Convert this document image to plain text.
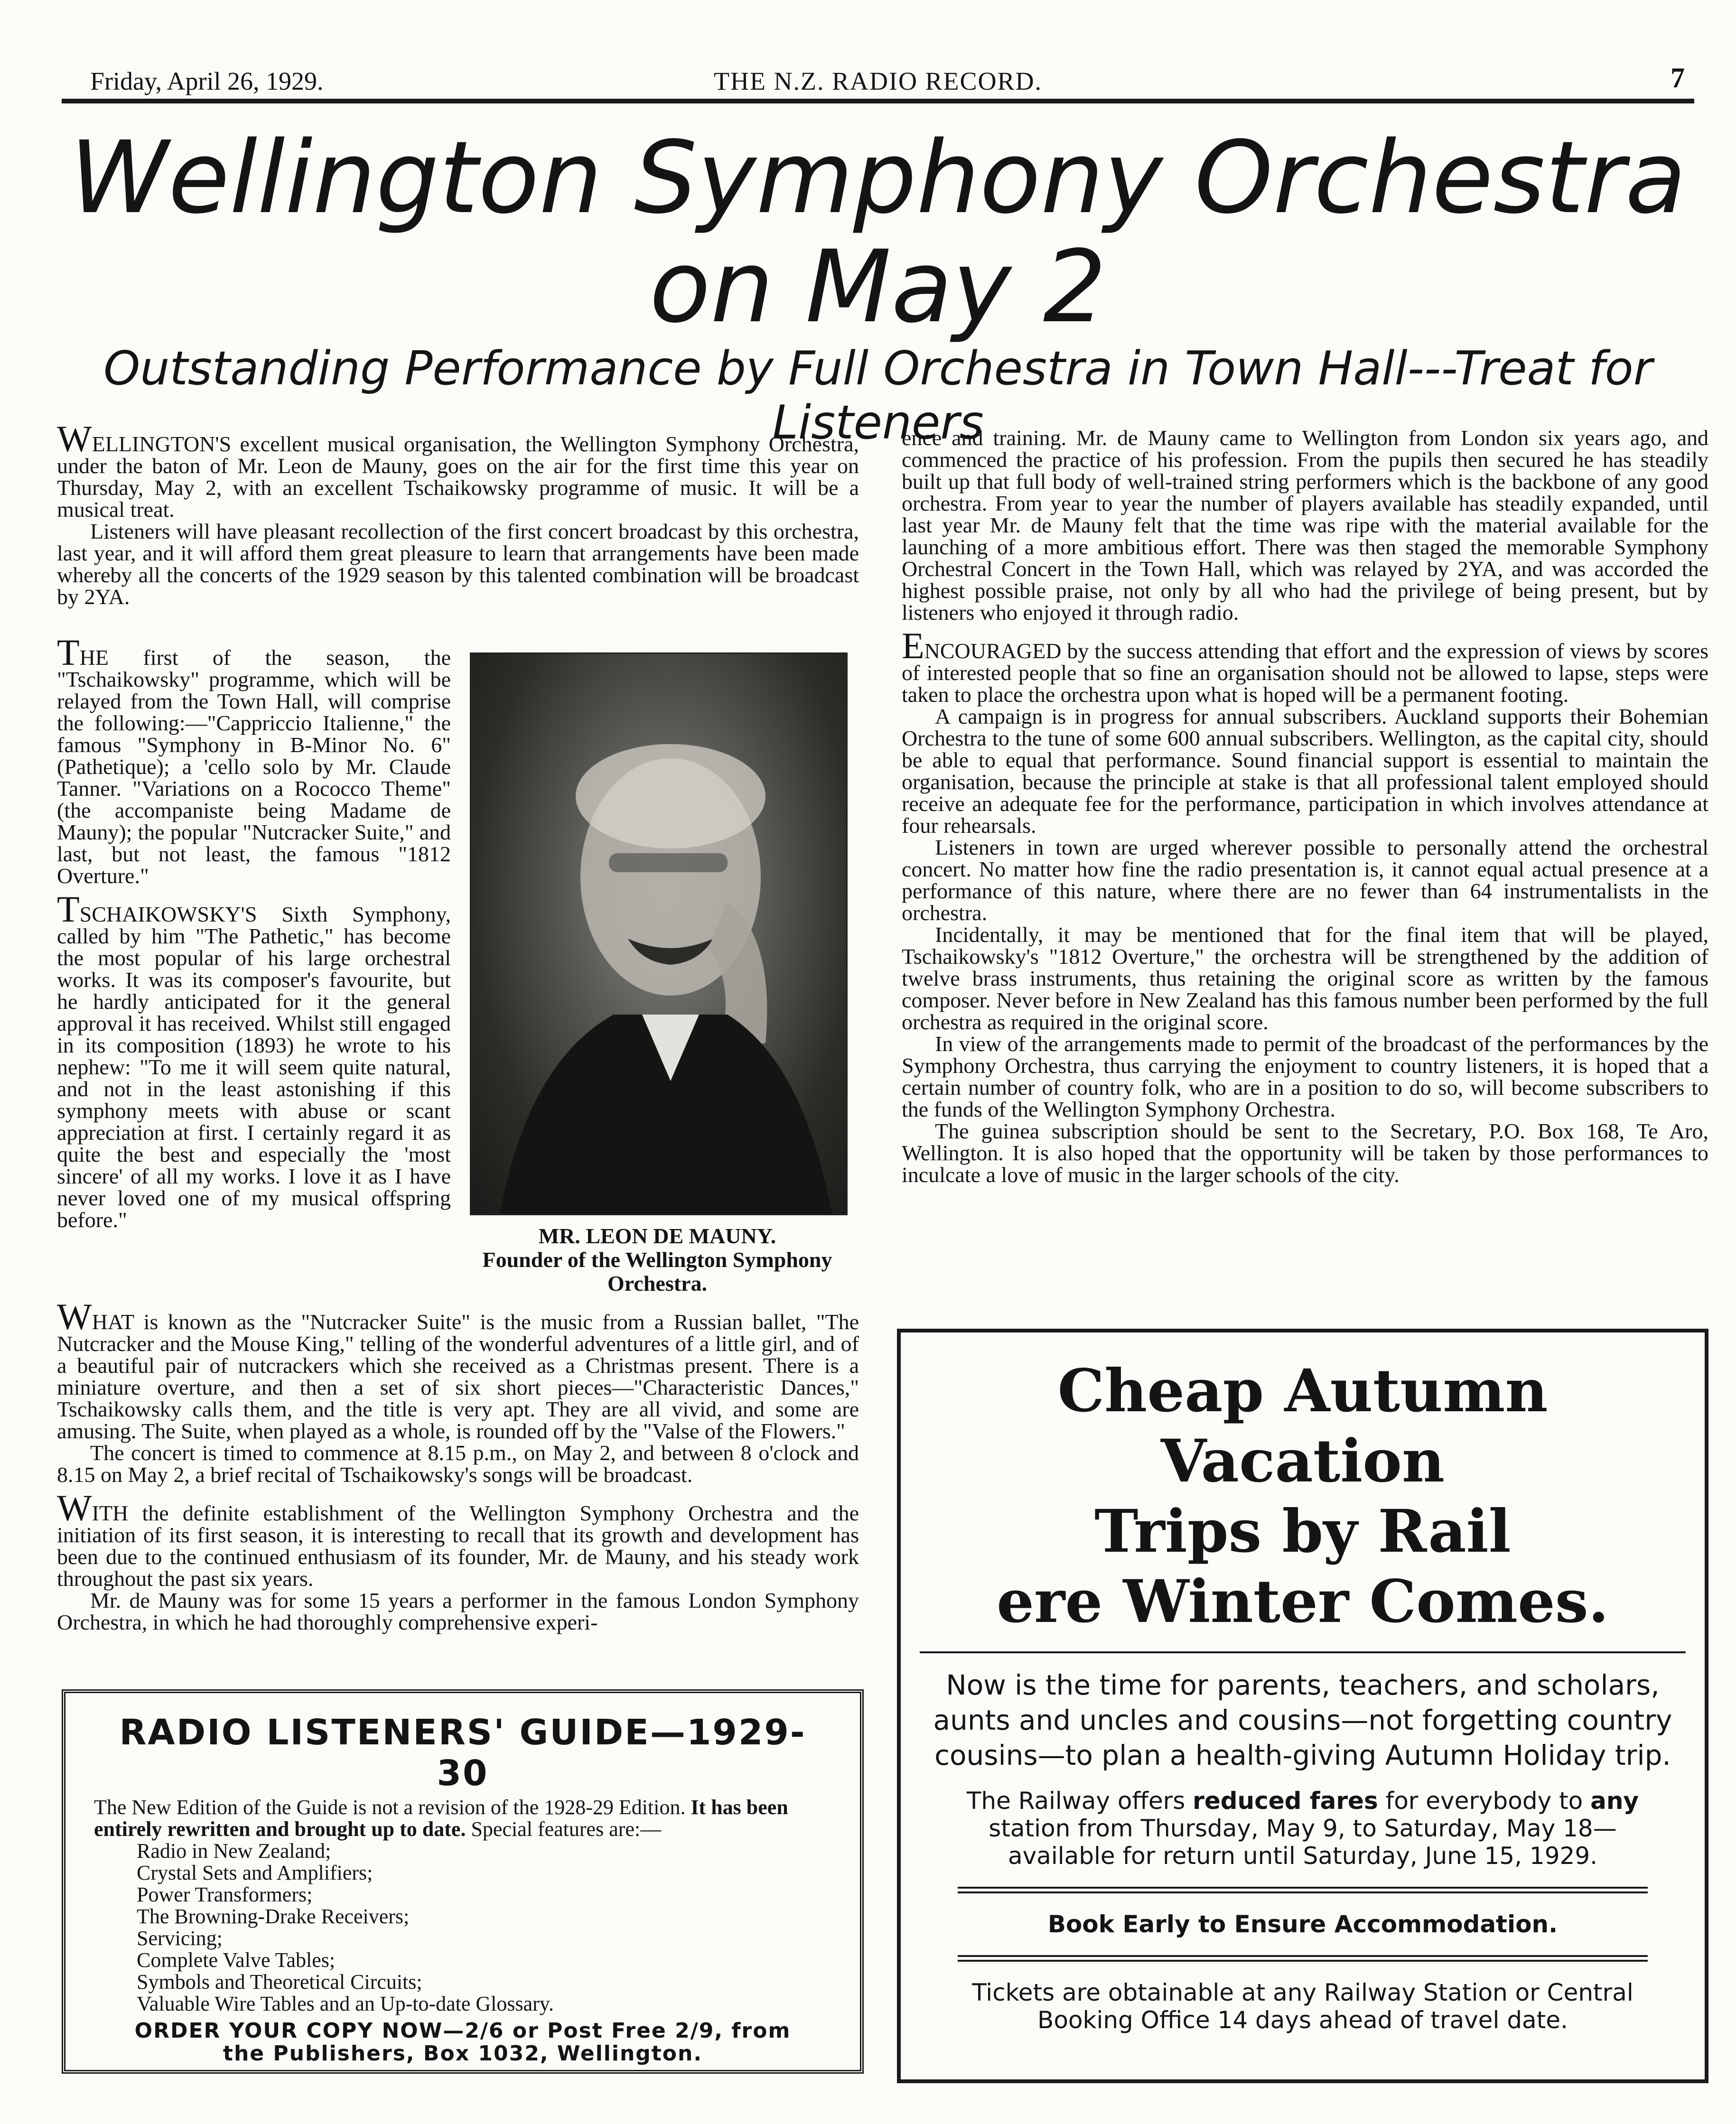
Friday, April 26, 1929.	THE N.Z. RADIO RECORD.	7
Wellington Symphony Orchestra
on May 2
Outstanding Performance by Full Orchestra in Town Hall---Treat for Listeners

WELLINGTON'S excellent musical organisation, the Wellington Symphony Orchestra, under the baton of Mr. Leon de Mauny, goes on the air for the first time this year on Thursday, May 2, with an excellent Tschaikowsky programme of music. It will be a musical treat.

Listeners will have pleasant recollection of the first concert broadcast by this orchestra, last year, and it will afford them great pleasure to learn that arrangements have been made whereby all the concerts of the 1929 season by this talented combination will be broadcast by 2YA.

THE first of the season, the "Tschaikowsky" programme, which will be relayed from the Town Hall, will comprise the following:—"Cappriccio Italienne," the famous "Symphony in B-Minor No. 6" (Pathetique); a 'cello solo by Mr. Claude Tanner. "Variations on a Rococco Theme" (the accompaniste being Madame de Mauny); the popular "Nutcracker Suite," and last, but not least, the famous "1812 Overture."

TSCHAIKOWSKY'S Sixth Symphony, called by him "The Pathetic," has become the most popular of his large orchestral works. It was its composer's favourite, but he hardly anticipated for it the general approval it has received. Whilst still engaged in its composition (1893) he wrote to his nephew: "To me it will seem quite natural, and not in the least astonishing if this symphony meets with abuse or scant appreciation at first. I certainly regard it as quite the best and especially the 'most sincere' of all my works. I love it as I have never loved one of my musical offspring before."

MR. LEON DE MAUNY.
Founder of the Wellington Symphony Orchestra.

WHAT is known as the "Nutcracker Suite" is the music from a Russian ballet, "The Nutcracker and the Mouse King," telling of the wonderful adventures of a little girl, and of a beautiful pair of nutcrackers which she received as a Christmas present. There is a miniature overture, and then a set of six short pieces—"Characteristic Dances," Tschaikowsky calls them, and the title is very apt. They are all vivid, and some are amusing. The Suite, when played as a whole, is rounded off by the "Valse of the Flowers."

The concert is timed to commence at 8.15 p.m., on May 2, and between 8 o'clock and 8.15 on May 2, a brief recital of Tschaikowsky's songs will be broadcast.

WITH the definite establishment of the Wellington Symphony Orchestra and the initiation of its first season, it is interesting to recall that its growth and development has been due to the continued enthusiasm of its founder, Mr. de Mauny, and his steady work throughout the past six years.

Mr. de Mauny was for some 15 years a performer in the famous London Symphony Orchestra, in which he had thoroughly comprehensive experi-

ence and training. Mr. de Mauny came to Wellington from London six years ago, and commenced the practice of his profession. From the pupils then secured he has steadily built up that full body of well-trained string performers which is the backbone of any good orchestra. From year to year the number of players available has steadily expanded, until last year Mr. de Mauny felt that the time was ripe with the material available for the launching of a more ambitious effort. There was then staged the memorable Symphony Orchestral Concert in the Town Hall, which was relayed by 2YA, and was accorded the highest possible praise, not only by all who had the privilege of being present, but by listeners who enjoyed it through radio.

ENCOURAGED by the success attending that effort and the expression of views by scores of interested people that so fine an organisation should not be allowed to lapse, steps were taken to place the orchestra upon what is hoped will be a permanent footing.

A campaign is in progress for annual subscribers. Auckland supports their Bohemian Orchestra to the tune of some 600 annual subscribers. Wellington, as the capital city, should be able to equal that performance. Sound financial support is essential to maintain the organisation, because the principle at stake is that all professional talent employed should receive an adequate fee for the performance, participation in which involves attendance at four rehearsals.

Listeners in town are urged wherever possible to personally attend the orchestral concert. No matter how fine the radio presentation is, it cannot equal actual presence at a performance of this nature, where there are no fewer than 64 instrumentalists in the orchestra.

Incidentally, it may be mentioned that for the final item that will be played, Tschaikowsky's "1812 Overture," the orchestra will be strengthened by the addition of twelve brass instruments, thus retaining the original score as written by the famous composer. Never before in New Zealand has this famous number been performed by the full orchestra as required in the original score.

In view of the arrangements made to permit of the broadcast of the performances by the Symphony Orchestra, thus carrying the enjoyment to country listeners, it is hoped that a certain number of country folk, who are in a position to do so, will become subscribers to the funds of the Wellington Symphony Orchestra.

The guinea subscription should be sent to the Secretary, P.O. Box 168, Te Aro, Wellington. It is also hoped that the opportunity will be taken by those performances to inculcate a love of music in the larger schools of the city.

RADIO LISTENERS' GUIDE—1929-30
The New Edition of the Guide is not a revision of the 1928-29 Edition. It has been entirely rewritten and brought up to date. Special features are:—
Radio in New Zealand;
Crystal Sets and Amplifiers;
Power Transformers;
The Browning-Drake Receivers;
Servicing;
Complete Valve Tables;
Symbols and Theoretical Circuits;
Valuable Wire Tables and an Up-to-date Glossary.
ORDER YOUR COPY NOW—2/6 or Post Free 2/9, from
the Publishers, Box 1032, Wellington.
Cheap Autumn Vacation
Trips by Rail
ere Winter Comes.
Now is the time for parents, teachers, and scholars, aunts and uncles and cousins—not forgetting country cousins—to plan a health-giving Autumn Holiday trip.
The Railway offers reduced fares for everybody to any station from Thursday, May 9, to Saturday, May 18—available for return until Saturday, June 15, 1929.
Book Early to Ensure Accommodation.
Tickets are obtainable at any Railway Station or Central Booking Office 14 days ahead of travel date.
